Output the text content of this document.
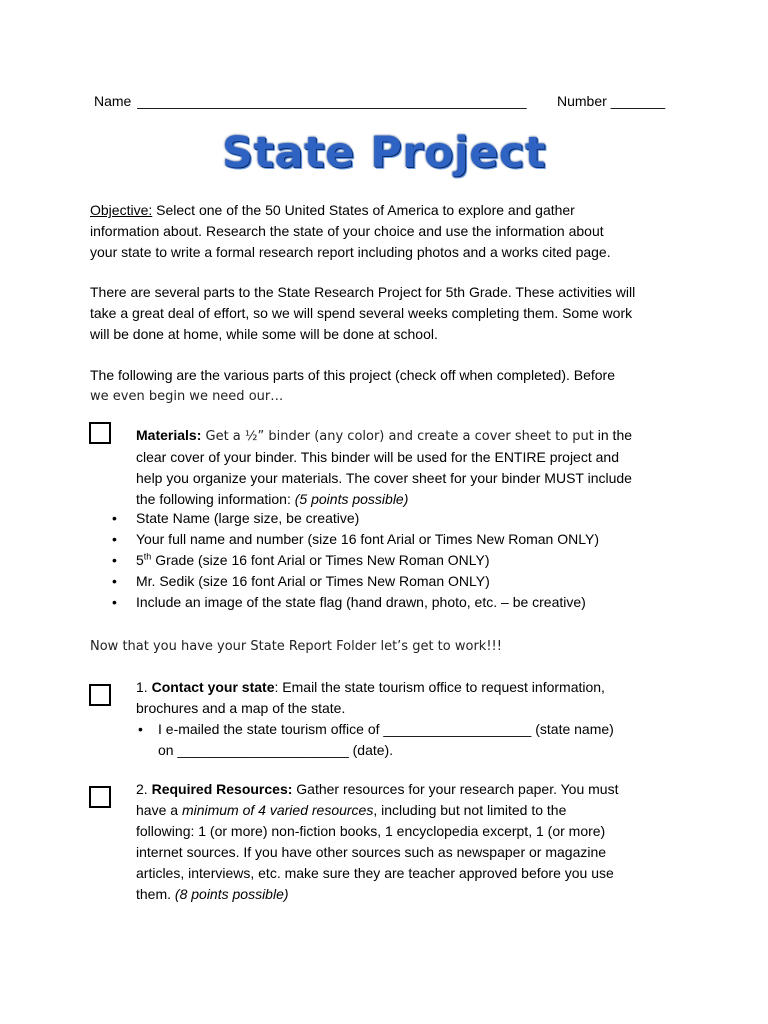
Name __________________________________________________ Number _______
State Project
Objective: Select one of the 50 United States of America to explore and gather
information about. Research the state of your choice and use the information about
your state to write a formal research report including photos and a works cited page.
There are several parts to the State Research Project for 5th Grade. These activities will
take a great deal of effort, so we will spend several weeks completing them. Some work
will be done at home, while some will be done at school.
The following are the various parts of this project (check off when completed). Before
we even begin we need our…
Materials: Get a ½” binder (any color) and create a cover sheet to put in the
clear cover of your binder. This binder will be used for the ENTIRE project and
help you organize your materials. The cover sheet for your binder MUST include
the following information: (5 points possible)
•	State Name (large size, be creative)
•	Your full name and number (size 16 font Arial or Times New Roman ONLY)
•	5th Grade (size 16 font Arial or Times New Roman ONLY)
•	Mr. Sedik (size 16 font Arial or Times New Roman ONLY)
•	Include an image of the state flag (hand drawn, photo, etc. – be creative)
Now that you have your State Report Folder let’s get to work!!!
1. Contact your state: Email the state tourism office to request information,
brochures and a map of the state.
•	I e-mailed the state tourism office of ___________________ (state name)
on ______________________ (date).
2. Required Resources: Gather resources for your research paper. You must
have a minimum of 4 varied resources, including but not limited to the
following: 1 (or more) non-fiction books, 1 encyclopedia excerpt, 1 (or more)
internet sources. If you have other sources such as newspaper or magazine
articles, interviews, etc. make sure they are teacher approved before you use
them. (8 points possible)
